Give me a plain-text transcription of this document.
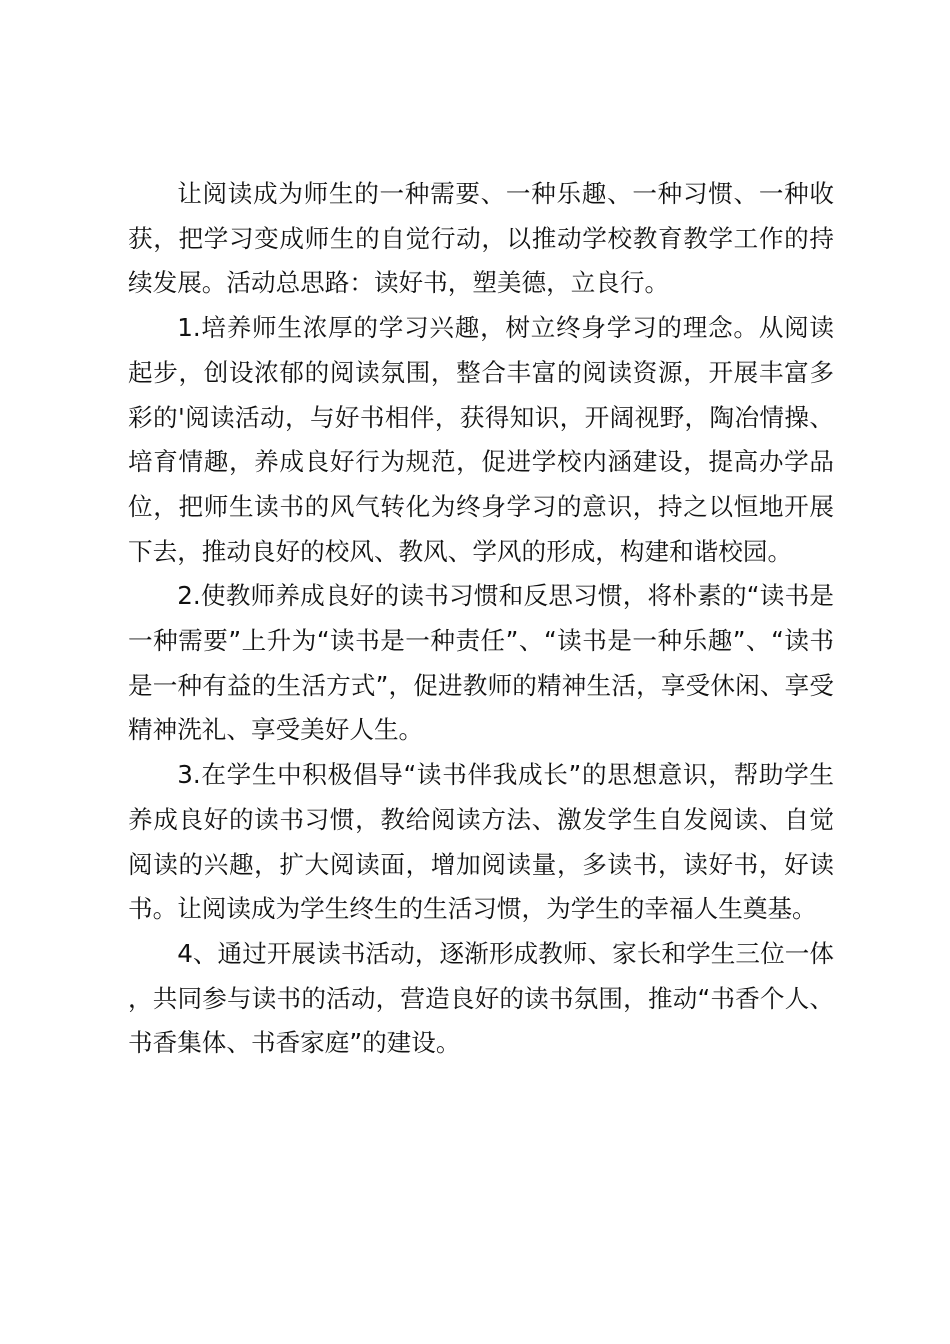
让阅读成为师生的一种需要、一种乐趣、一种习惯、一种收获，把学习变成师生的自觉行动，以推动学校教育教学工作的持续发展。活动总思路：读好书，塑美德，立良行。

1.培养师生浓厚的学习兴趣，树立终身学习的理念。从阅读起步，创设浓郁的阅读氛围，整合丰富的阅读资源，开展丰富多彩的'阅读活动，与好书相伴，获得知识，开阔视野，陶冶情操、培育情趣，养成良好行为规范，促进学校内涵建设，提高办学品位，把师生读书的风气转化为终身学习的意识，持之以恒地开展下去，推动良好的校风、教风、学风的形成，构建和谐校园。

2.使教师养成良好的读书习惯和反思习惯，将朴素的“读书是一种需要”上升为“读书是一种责任”、“读书是一种乐趣”、“读书是一种有益的生活方式”，促进教师的精神生活，享受休闲、享受精神洗礼、享受美好人生。

3.在学生中积极倡导“读书伴我成长”的思想意识，帮助学生养成良好的读书习惯，教给阅读方法、激发学生自发阅读、自觉阅读的兴趣，扩大阅读面，增加阅读量，多读书，读好书，好读书。让阅读成为学生终生的生活习惯，为学生的幸福人生奠基。

4、通过开展读书活动，逐渐形成教师、家长和学生三位一体，共同参与读书的活动，营造良好的读书氛围，推动“书香个人、书香集体、书香家庭”的建设。
